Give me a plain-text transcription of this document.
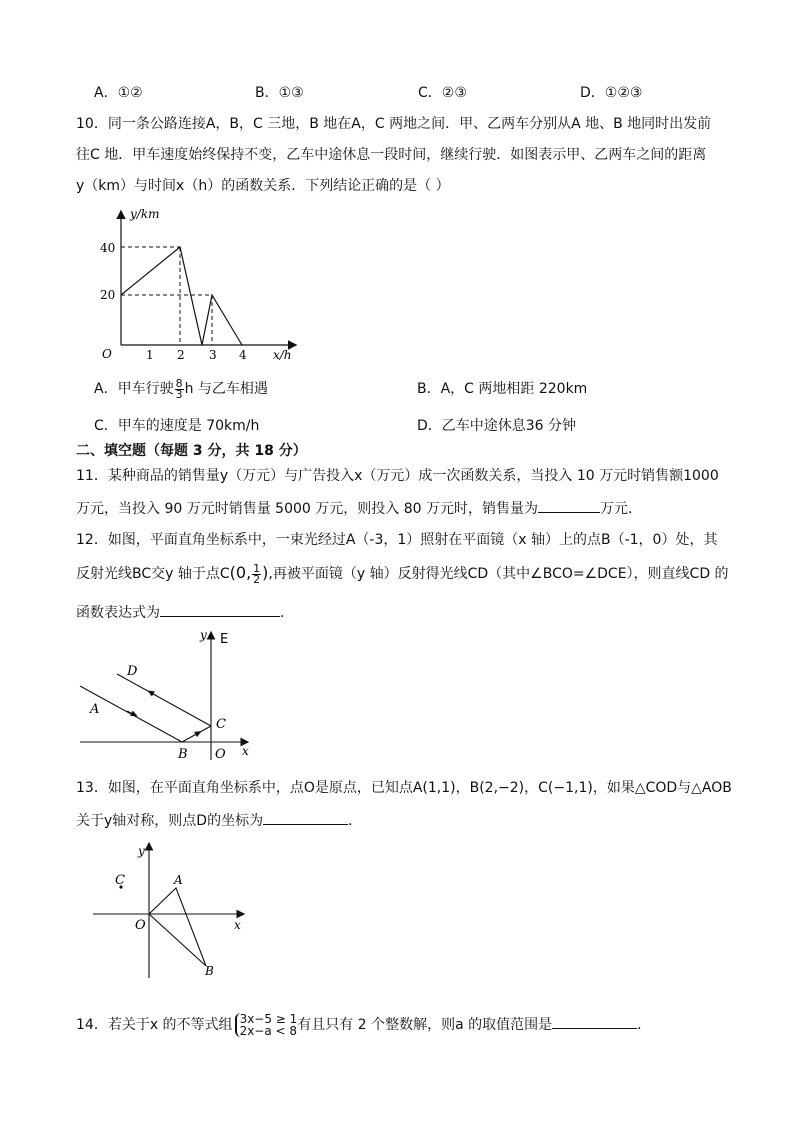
A．①②	B．①③	C．②③	D．①②③
10．同一条公路连接A，B，C 三地，B 地在A，C 两地之间．甲、乙两车分别从A 地、B 地同时出发前
往C 地．甲车速度始终保持不变，乙车中途休息一段时间，继续行驶．如图表示甲、乙两车之间的距离
y（km）与时间x（h）的函数关系．下列结论正确的是（ ）
y/km
x/h
O
40
20
1 2 3 4
A．甲车行驶 $\frac{8}{3}$ h 与乙车相遇	B．A，C 两地相距 220km
C．甲车的速度是 70km/h	D．乙车中途休息36 分钟
二、填空题（每题 3 分，共 18 分）
11．某种商品的销售量y（万元）与广告投入x（万元）成一次函数关系，当投入 10 万元时销售额1000
万元，当投入 90 万元时销售量 5000 万元，则投入 80 万元时，销售量为	万元．
12．如图，平面直角坐标系中，一束光经过A（-3，1）照射在平面镜（x 轴）上的点B（-1，0）处，其
反射光线BC交y 轴于点C(0, $\frac{1}{2}$ ),再被平面镜（y 轴）反射得光线CD（其中∠BCO=∠DCE），则直线CD 的
函数表达式为	.
y E
D
A
C
B O x
13．如图，在平面直角坐标系中，点O是原点，已知点A(1,1)，B(2,−2)，C(−1,1)，如果△COD与△AOB
关于y轴对称，则点D的坐标为	．
y
C	A
O	x
B
14．若关于x 的不等式组 3x−5 ≥ 1
2x−a < 8 有且只有 2 个整数解，则a 的取值范围是	．
